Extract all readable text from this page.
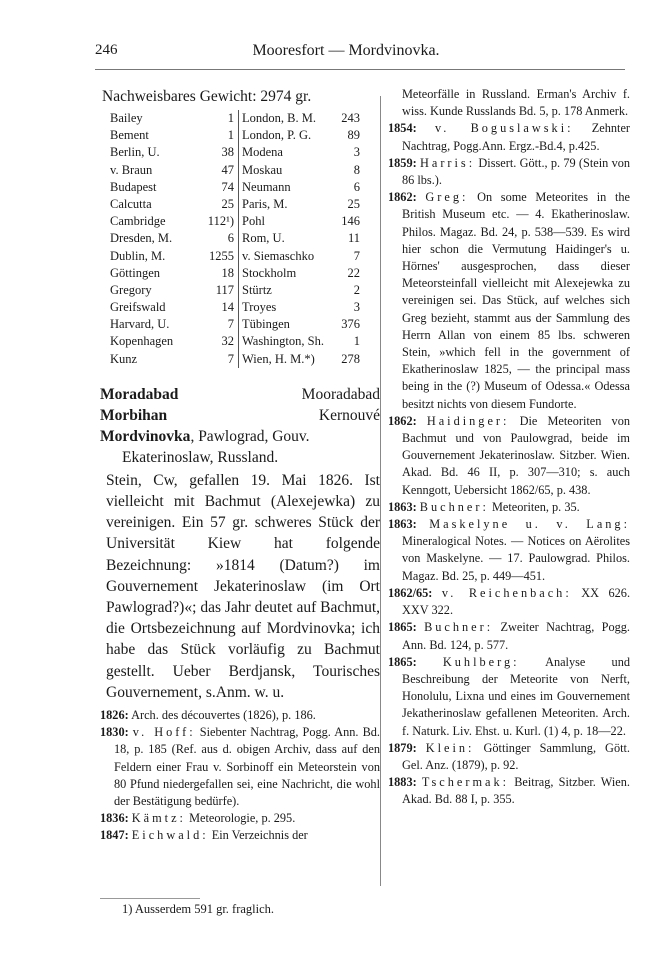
246	Mooresfort — Mordvinovka.
Nachweisbares Gewicht: 2974 gr.
Bailey	1 London, B. M.	243
Bement	1 London, P. G.	89
Berlin, U.	38 Modena	3
v. Braun	47 Moskau	8
Budapest	74 Neumann	6
Calcutta	25 Paris, M.	25
Cambridge	112¹) Pohl	146
Dresden, M.	6 Rom, U.	11
Dublin, M.	1255 v. Siemaschko	7
Göttingen	18 Stockholm	22
Gregory	117 Stürtz	2
Greifswald	14 Troyes	3
Harvard, U.	7 Tübingen	376
Kopenhagen	32 Washington, Sh.	1
Kunz	7 Wien, H. M.*)	278
Moradabad	Mooradabad
Morbihan	Kernouvé
Mordvinovka, Pawlograd, Gouv.
Ekaterinoslaw, Russland.
Stein, Cw, gefallen 19. Mai 1826. Ist vielleicht mit Bachmut (Alexejewka) zu vereinigen. Ein 57 gr. schweres Stück der Universität Kiew hat folgende Bezeichnung: »1814 (Datum?) im Gouvernement Jekaterinoslaw (im Ort Pawlograd?)«; das Jahr deutet auf Bachmut, die Ortsbezeichnung auf Mordvinovka; ich habe das Stück vorläufig zu Bachmut gestellt. Ueber Berdjansk, Tourisches Gouvernement, s.Anm. w. u.
1826: Arch. des découvertes (1826), p. 186.
1830: v. Hoff: Siebenter Nachtrag, Pogg. Ann. Bd. 18, p. 185 (Ref. aus d. obigen Archiv, dass auf den Feldern einer Frau v. Sorbinoff ein Meteorstein von 80 Pfund niedergefallen sei, eine Nachricht, die wohl der Bestätigung bedürfe).
1836: Kämtz: Meteorologie, p. 295.
1847: Eichwald: Ein Verzeichnis der
Meteorfälle in Russland. Erman's Archiv f. wiss. Kunde Russlands Bd. 5, p. 178 Anmerk.
1854: v. Boguslawski: Zehnter Nachtrag, Pogg.Ann. Ergz.-Bd.4, p.425.
1859: Harris: Dissert. Gött., p. 79 (Stein von 86 lbs.).
1862: Greg: On some Meteorites in the British Museum etc. — 4. Ekatherinoslaw. Philos. Magaz. Bd. 24, p. 538—539. Es wird hier schon die Vermutung Haidinger's u. Hörnes' ausgesprochen, dass dieser Meteorsteinfall vielleicht mit Alexejewka zu vereinigen sei. Das Stück, auf welches sich Greg bezieht, stammt aus der Sammlung des Herrn Allan von einem 85 lbs. schweren Stein, »which fell in the government of Ekatherinoslaw 1825, — the principal mass being in the (?) Museum of Odessa.« Odessa besitzt nichts von diesem Fundorte.
1862: Haidinger: Die Meteoriten von Bachmut und von Paulowgrad, beide im Gouvernement Jekaterinoslaw. Sitzber. Wien. Akad. Bd. 46 II, p. 307—310; s. auch Kenngott, Uebersicht 1862/65, p. 438.
1863: Buchner: Meteoriten, p. 35.
1863: Maskelyne u. v. Lang: Mineralogical Notes. — Notices on Aërolites von Maskelyne. — 17. Paulowgrad. Philos. Magaz. Bd. 25, p. 449—451.
1862/65: v. Reichenbach: XX 626. XXV 322.
1865: Buchner: Zweiter Nachtrag, Pogg. Ann. Bd. 124, p. 577.
1865: Kuhlberg: Analyse und Beschreibung der Meteorite von Nerft, Honolulu, Lixna und eines im Gouvernement Jekatherinoslaw gefallenen Meteoriten. Arch. f. Naturk. Liv. Ehst. u. Kurl. (1) 4, p. 18—22.
1879: Klein: Göttinger Sammlung, Gött. Gel. Anz. (1879), p. 92.
1883: Tschermak: Beitrag, Sitzber. Wien. Akad. Bd. 88 I, p. 355.
1) Ausserdem 591 gr. fraglich.
